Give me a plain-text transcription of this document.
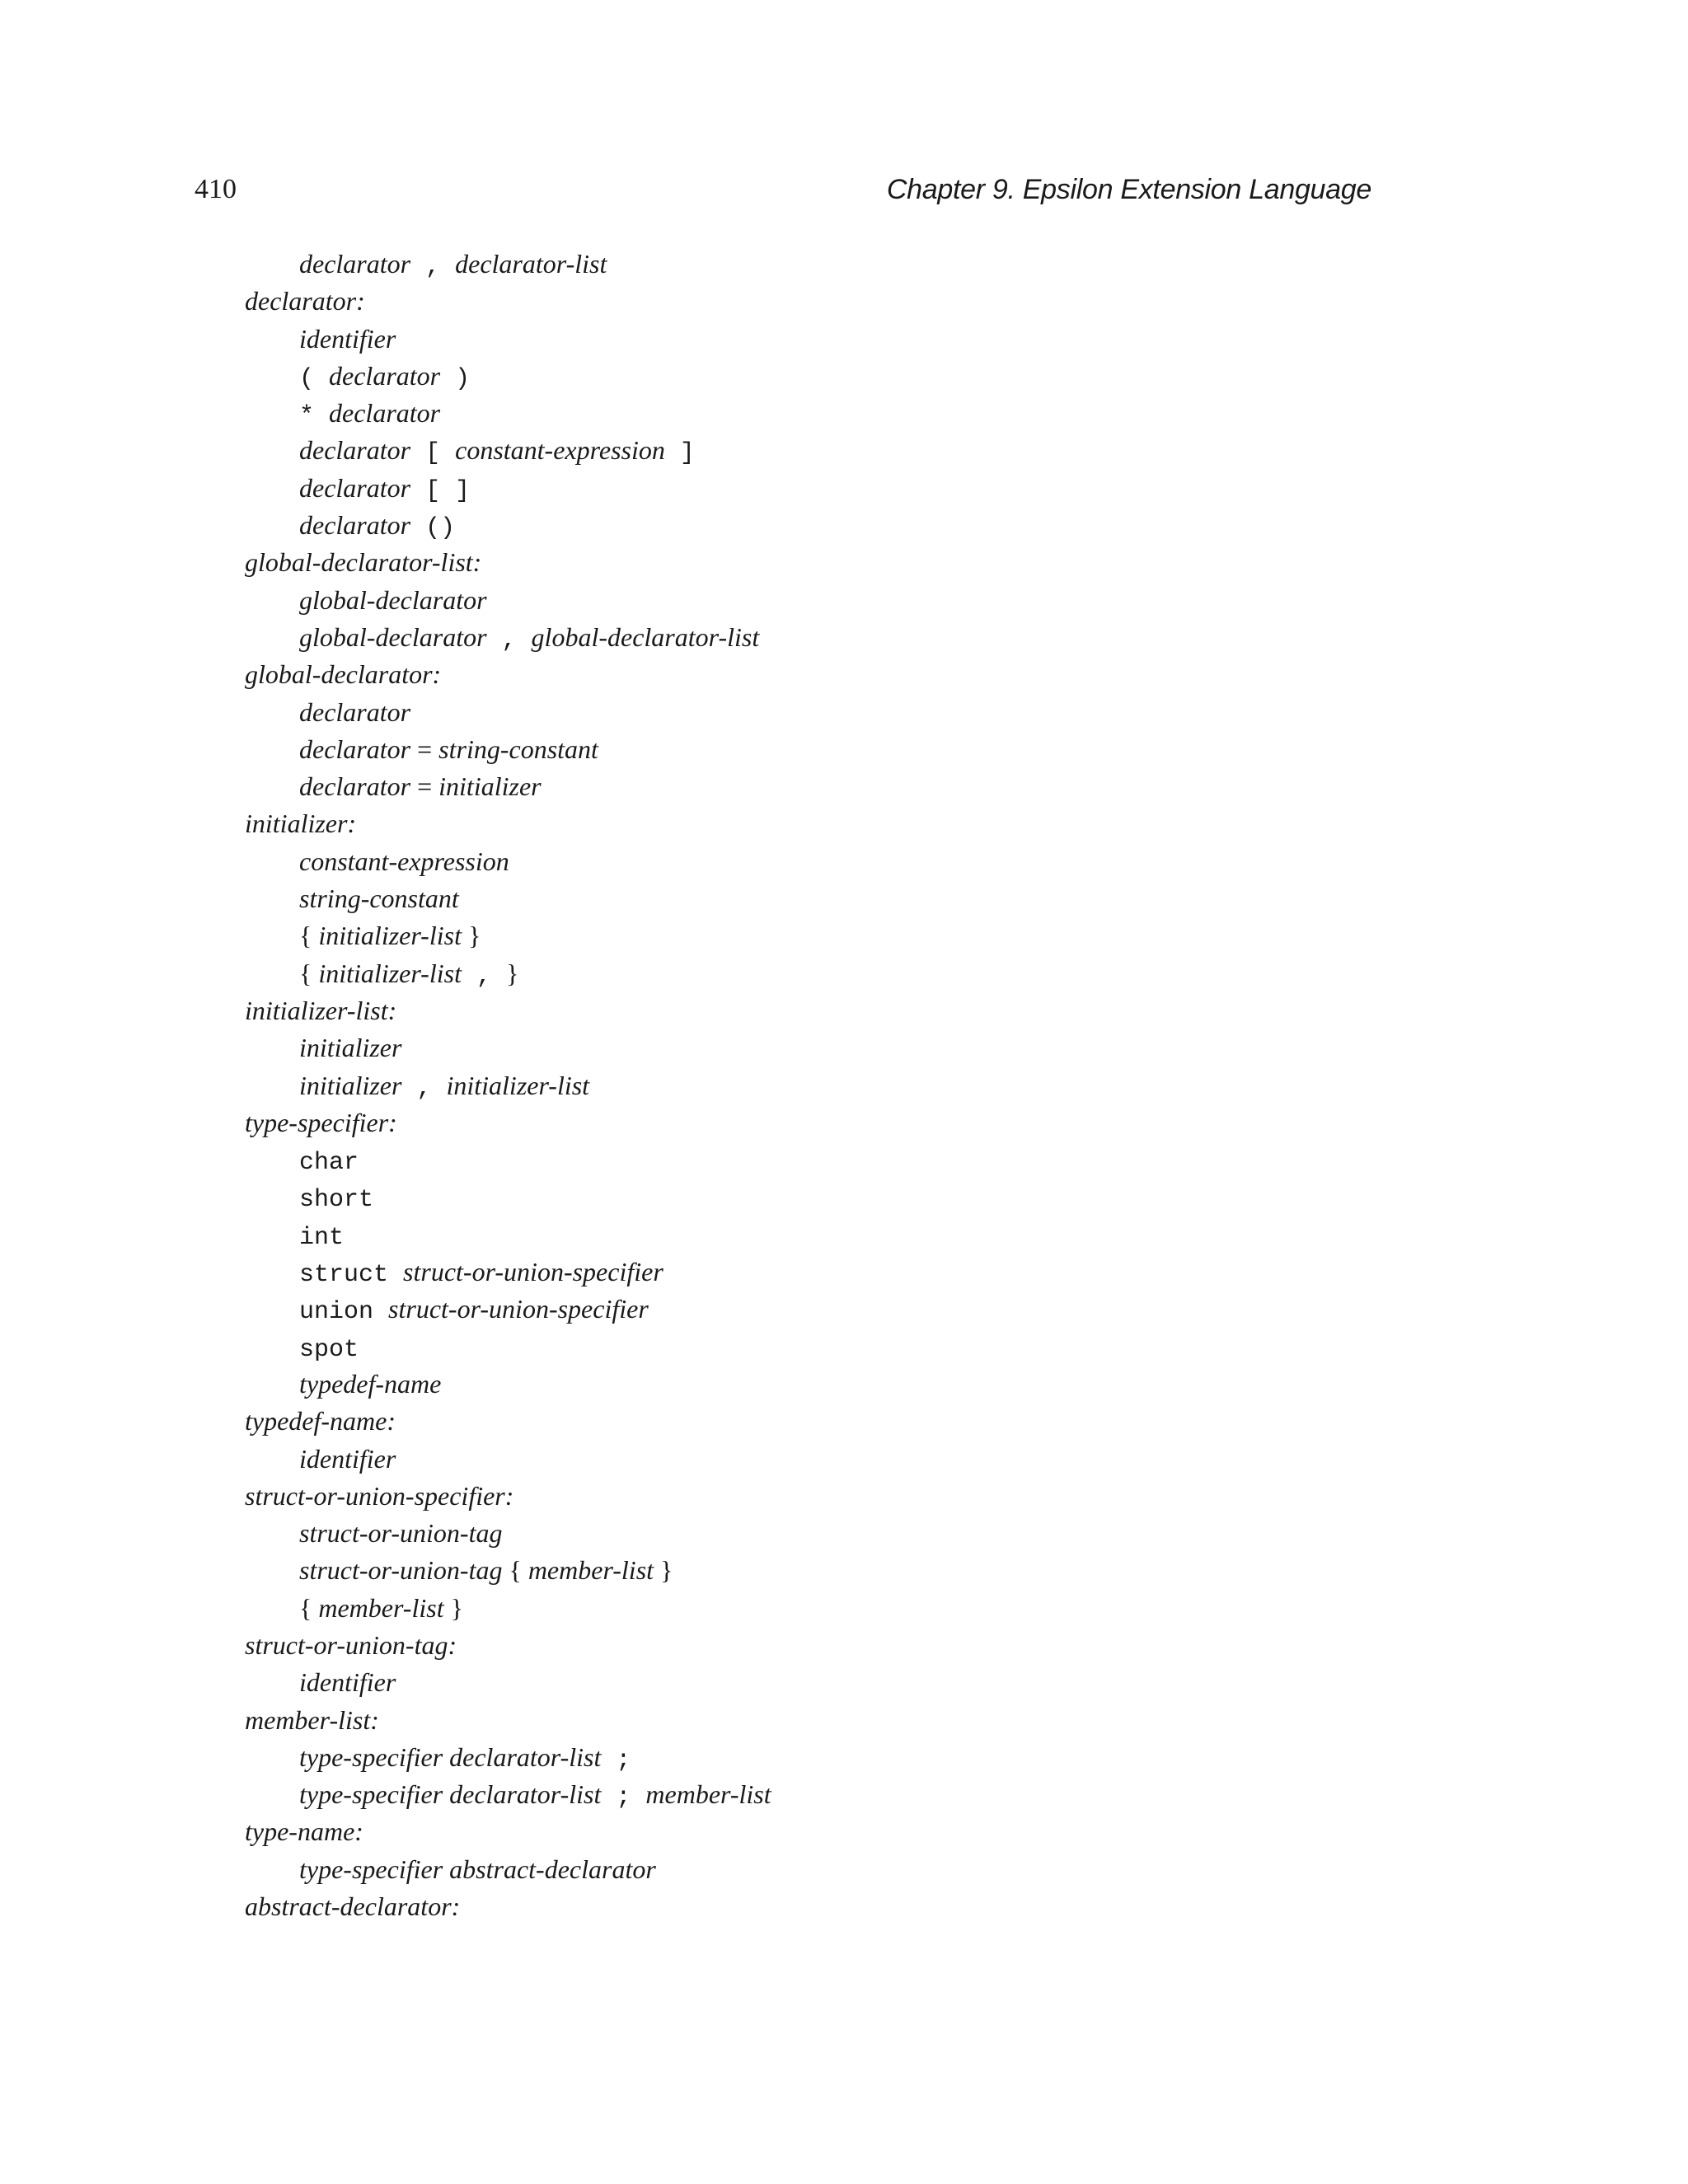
410	Chapter 9. Epsilon Extension Language
declarator , declarator-list
declarator:
identifier
( declarator )
* declarator
declarator [ constant-expression ]
declarator [ ]
declarator ()
global-declarator-list:
global-declarator
global-declarator , global-declarator-list
global-declarator:
declarator
declarator = string-constant
declarator = initializer
initializer:
constant-expression
string-constant
{ initializer-list }
{ initializer-list , }
initializer-list:
initializer
initializer , initializer-list
type-specifier:
char
short
int
struct struct-or-union-specifier
union struct-or-union-specifier
spot
typedef-name
typedef-name:
identifier
struct-or-union-specifier:
struct-or-union-tag
struct-or-union-tag { member-list }
{ member-list }
struct-or-union-tag:
identifier
member-list:
type-specifier declarator-list ;
type-specifier declarator-list ; member-list
type-name:
type-specifier abstract-declarator
abstract-declarator:
